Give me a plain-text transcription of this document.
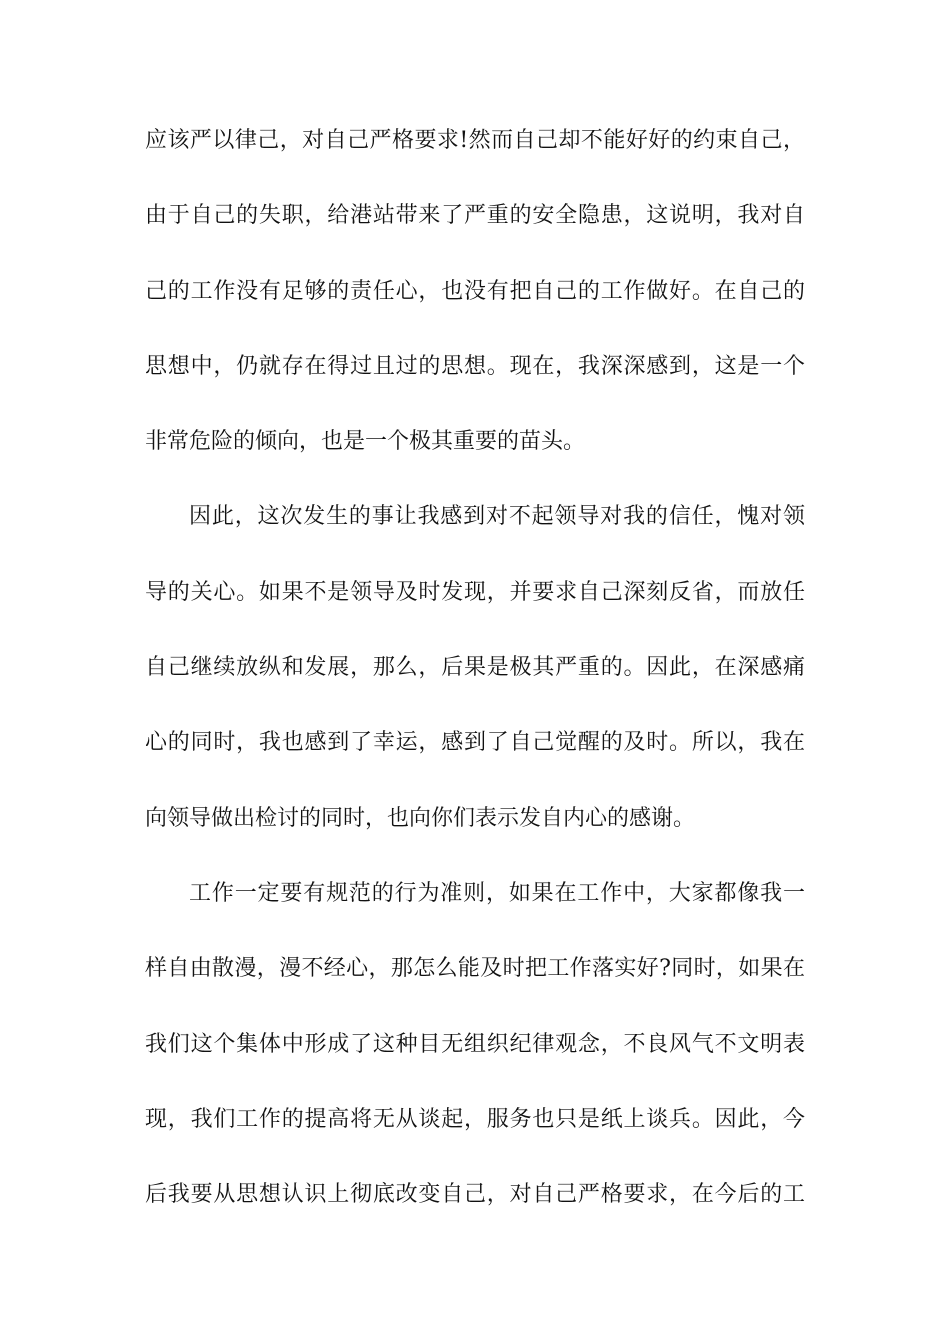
应该严以律己，对自己严格要求!然而自己却不能好好的约束自己，
由于自己的失职，给港站带来了严重的安全隐患，这说明，我对自
己的工作没有足够的责任心，也没有把自己的工作做好。在自己的
思想中，仍就存在得过且过的思想。现在，我深深感到，这是一个
非常危险的倾向，也是一个极其重要的苗头。
因此，这次发生的事让我感到对不起领导对我的信任，愧对领
导的关心。如果不是领导及时发现，并要求自己深刻反省，而放任
自己继续放纵和发展，那么，后果是极其严重的。因此，在深感痛
心的同时，我也感到了幸运，感到了自己觉醒的及时。所以，我在
向领导做出检讨的同时，也向你们表示发自内心的感谢。
工作一定要有规范的行为准则，如果在工作中，大家都像我一
样自由散漫，漫不经心，那怎么能及时把工作落实好?同时，如果在
我们这个集体中形成了这种目无组织纪律观念，不良风气不文明表
现，我们工作的提高将无从谈起，服务也只是纸上谈兵。因此，今
后我要从思想认识上彻底改变自己，对自己严格要求，在今后的工
